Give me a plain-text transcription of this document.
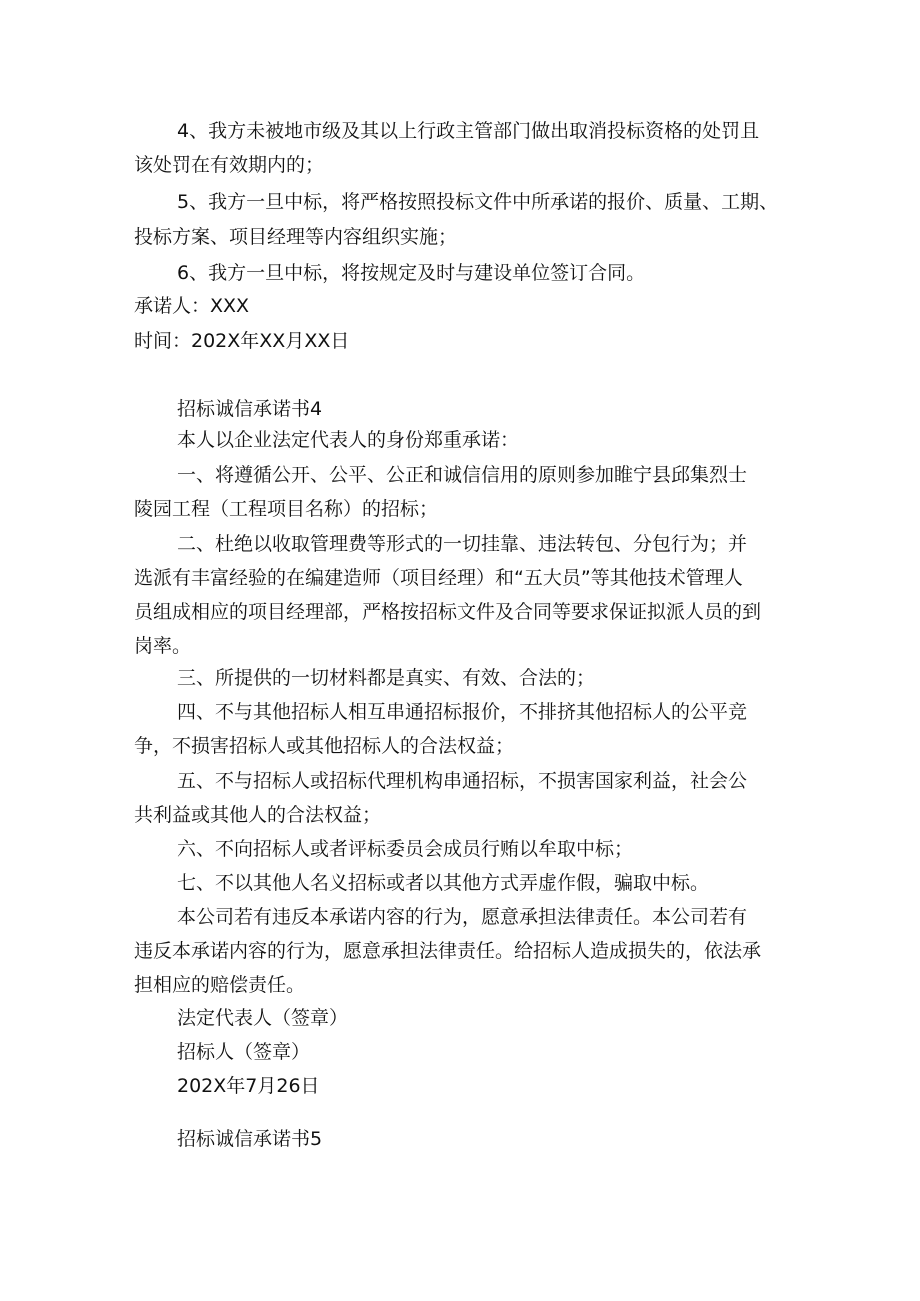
4、我方未被地市级及其以上行政主管部门做出取消投标资格的处罚且
该处罚在有效期内的；
5、我方一旦中标，将严格按照投标文件中所承诺的报价、质量、工期、
投标方案、项目经理等内容组织实施；
6、我方一旦中标，将按规定及时与建设单位签订合同。
承诺人：XXX
时间：202X年XX月XX日
招标诚信承诺书4
本人以企业法定代表人的身份郑重承诺：
一、将遵循公开、公平、公正和诚信信用的原则参加睢宁县邱集烈士
陵园工程（工程项目名称）的招标；
二、杜绝以收取管理费等形式的一切挂靠、违法转包、分包行为；并
选派有丰富经验的在编建造师（项目经理）和“五大员”等其他技术管理人
员组成相应的项目经理部，严格按招标文件及合同等要求保证拟派人员的到
岗率。
三、所提供的一切材料都是真实、有效、合法的；
四、不与其他招标人相互串通招标报价，不排挤其他招标人的公平竞
争，不损害招标人或其他招标人的合法权益；
五、不与招标人或招标代理机构串通招标，不损害国家利益，社会公
共利益或其他人的合法权益；
六、不向招标人或者评标委员会成员行贿以牟取中标；
七、不以其他人名义招标或者以其他方式弄虚作假，骗取中标。
本公司若有违反本承诺内容的行为，愿意承担法律责任。本公司若有
违反本承诺内容的行为，愿意承担法律责任。给招标人造成损失的，依法承
担相应的赔偿责任。
法定代表人（签章）
招标人（签章）
202X年7月26日
招标诚信承诺书5
